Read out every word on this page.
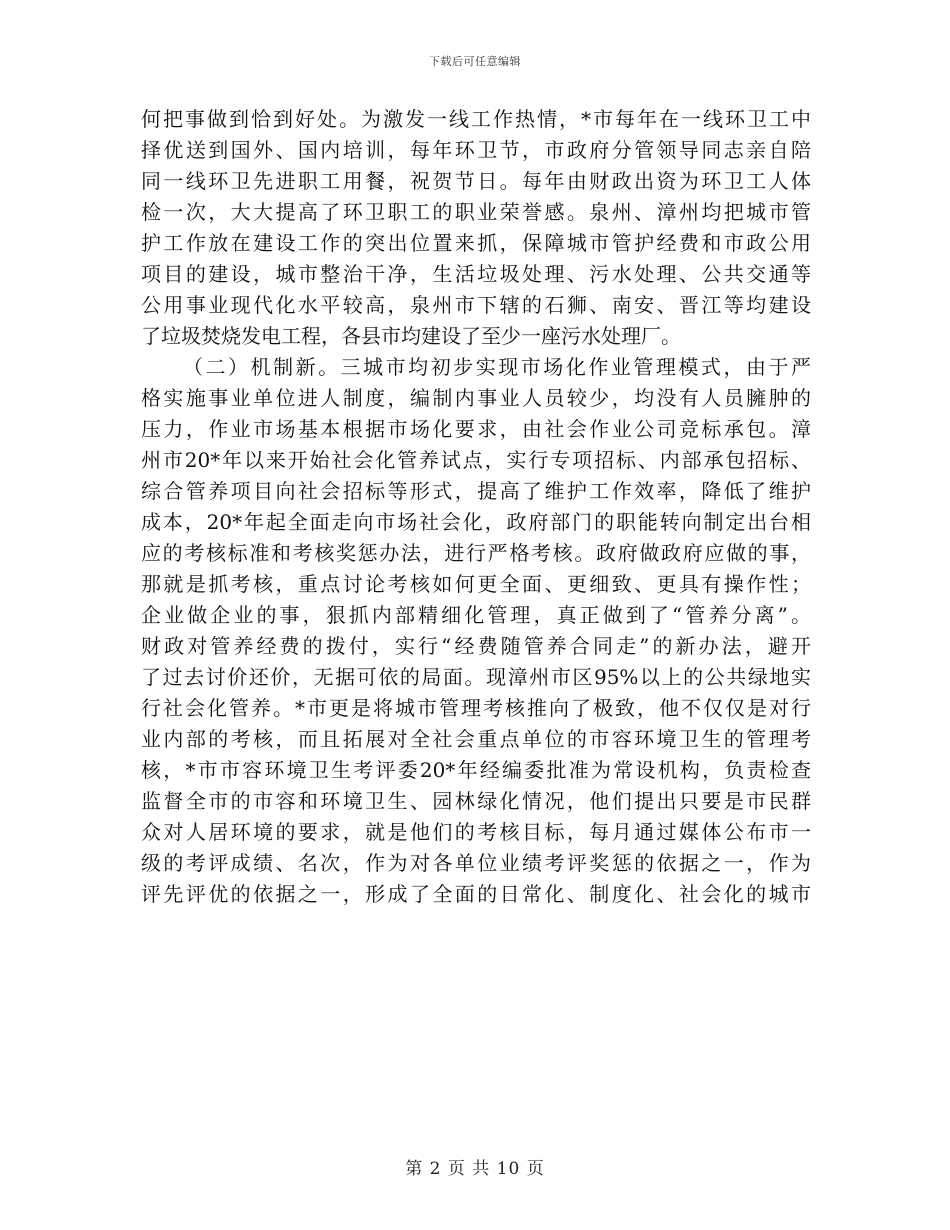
下载后可任意编辑
何把事做到恰到好处。为激发一线工作热情，*市每年在一线环卫工中
择优送到国外、国内培训，每年环卫节，市政府分管领导同志亲自陪
同一线环卫先进职工用餐，祝贺节日。每年由财政出资为环卫工人体
检一次，大大提高了环卫职工的职业荣誉感。泉州、漳州均把城市管
护工作放在建设工作的突出位置来抓，保障城市管护经费和市政公用
项目的建设，城市整治干净，生活垃圾处理、污水处理、公共交通等
公用事业现代化水平较高，泉州市下辖的石狮、南安、晋江等均建设
了垃圾焚烧发电工程，各县市均建设了至少一座污水处理厂。
（二）机制新。三城市均初步实现市场化作业管理模式，由于严
格实施事业单位进人制度，编制内事业人员较少，均没有人员臃肿的
压力，作业市场基本根据市场化要求，由社会作业公司竞标承包。漳
州市20*年以来开始社会化管养试点，实行专项招标、内部承包招标、
综合管养项目向社会招标等形式，提高了维护工作效率，降低了维护
成本，20*年起全面走向市场社会化，政府部门的职能转向制定出台相
应的考核标准和考核奖惩办法，进行严格考核。政府做政府应做的事，
那就是抓考核，重点讨论考核如何更全面、更细致、更具有操作性；
企业做企业的事，狠抓内部精细化管理，真正做到了“管养分离”。
财政对管养经费的拨付，实行“经费随管养合同走”的新办法，避开
了过去讨价还价，无据可依的局面。现漳州市区95%以上的公共绿地实
行社会化管养。*市更是将城市管理考核推向了极致，他不仅仅是对行
业内部的考核，而且拓展对全社会重点单位的市容环境卫生的管理考
核，*市市容环境卫生考评委20*年经编委批准为常设机构，负责检查
监督全市的市容和环境卫生、园林绿化情况，他们提出只要是市民群
众对人居环境的要求，就是他们的考核目标，每月通过媒体公布市一
级的考评成绩、名次，作为对各单位业绩考评奖惩的依据之一，作为
评先评优的依据之一，形成了全面的日常化、制度化、社会化的城市
第 2 页 共 10 页
